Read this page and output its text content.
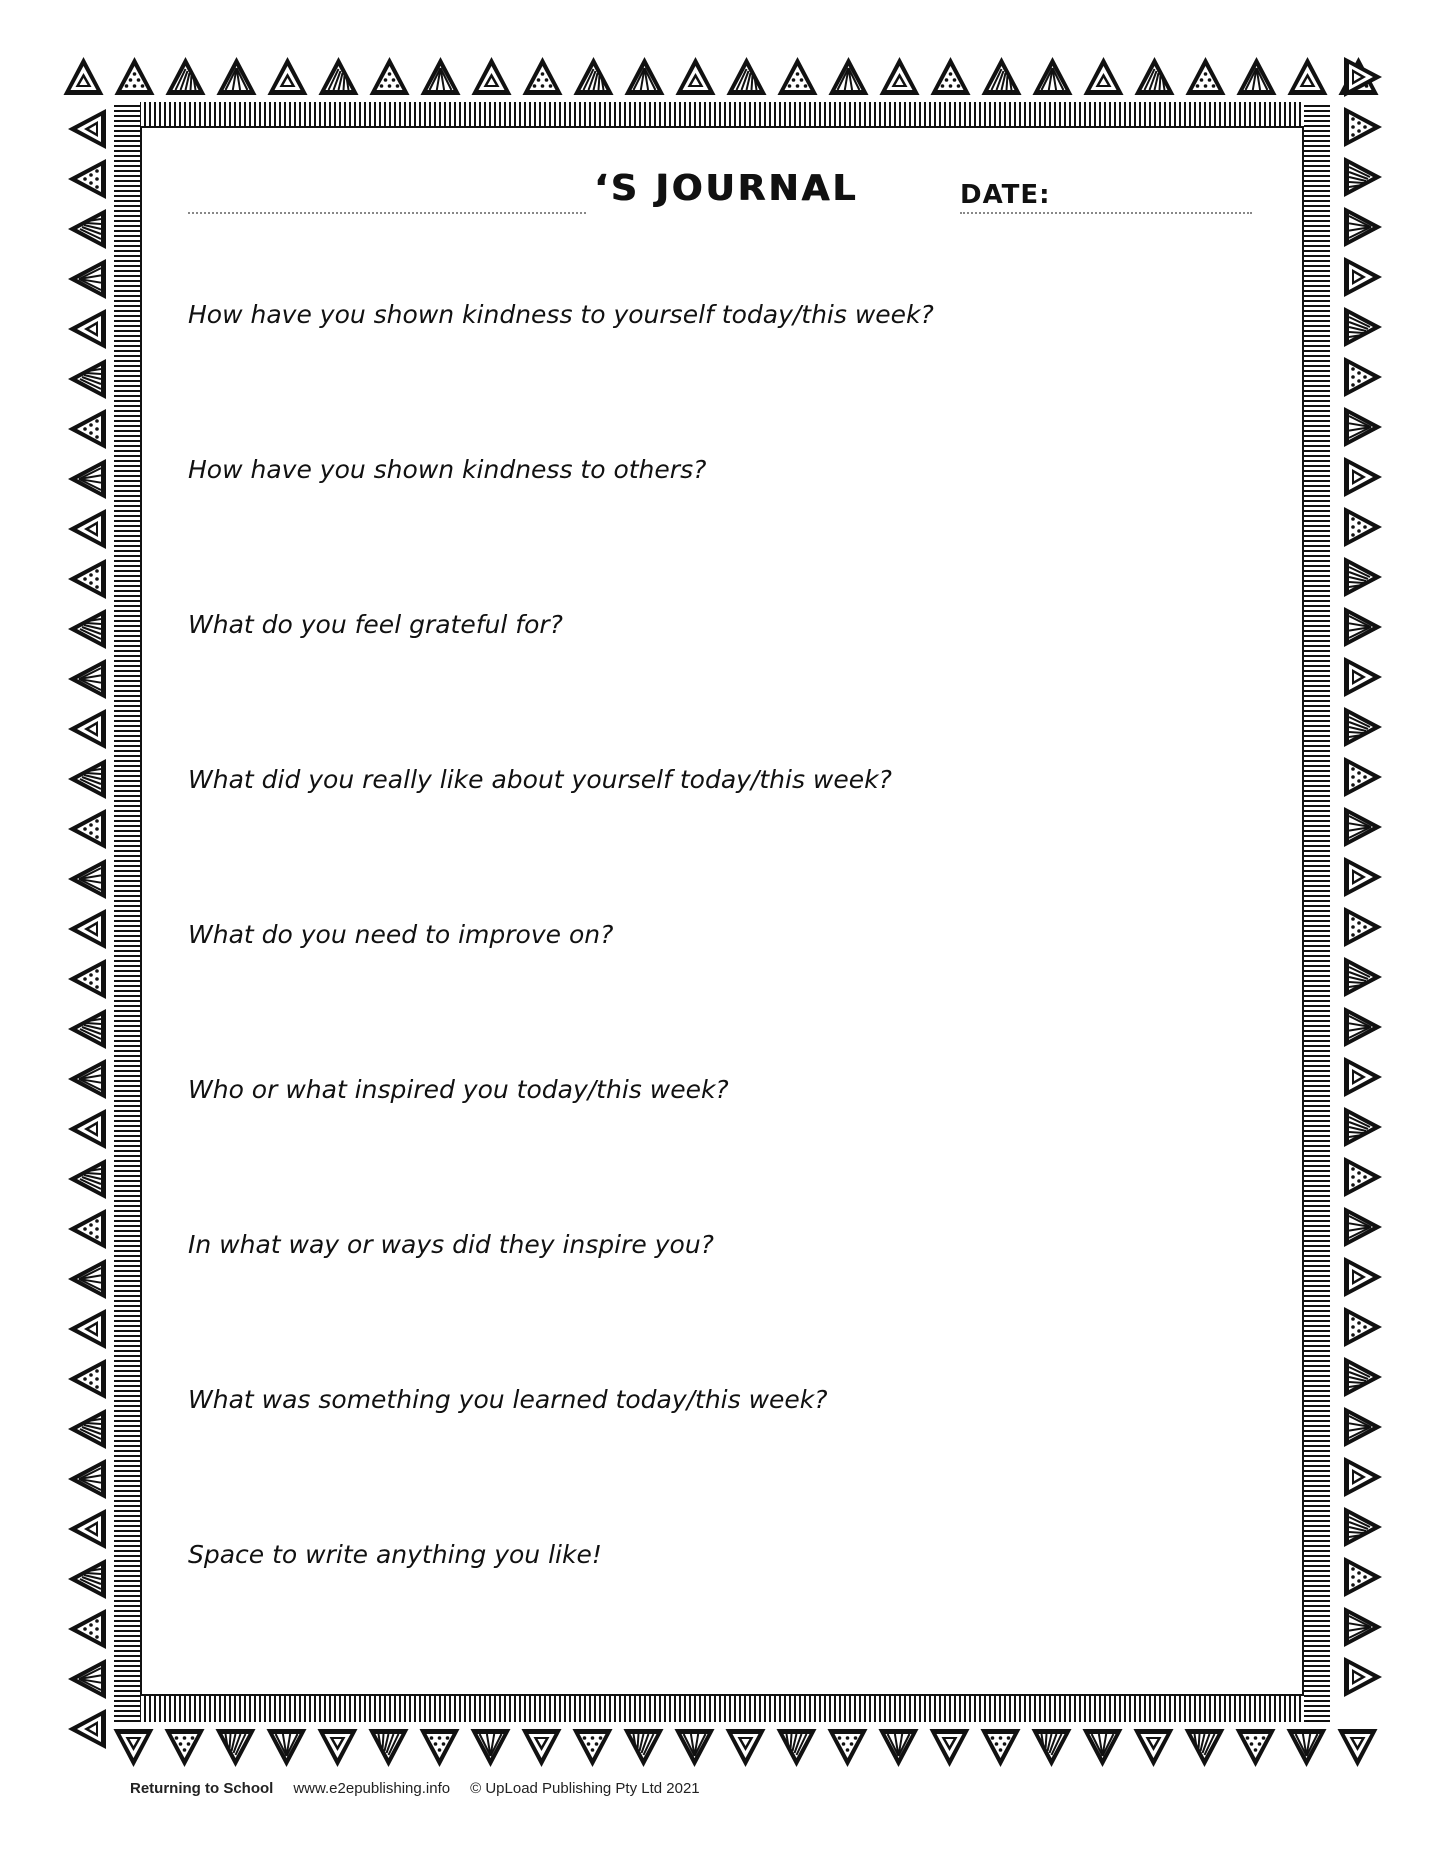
‘S JOURNAL	DATE:
How have you shown kindness to yourself today/this week?
How have you shown kindness to others?
What do you feel grateful for?
What did you really like about yourself today/this week?
What do you need to improve on?
Who or what inspired you today/this week?
In what way or ways did they inspire you?
What was something you learned today/this week?
Space to write anything you like!
Returning to School www.e2epublishing.info © UpLoad Publishing Pty Ltd 2021
